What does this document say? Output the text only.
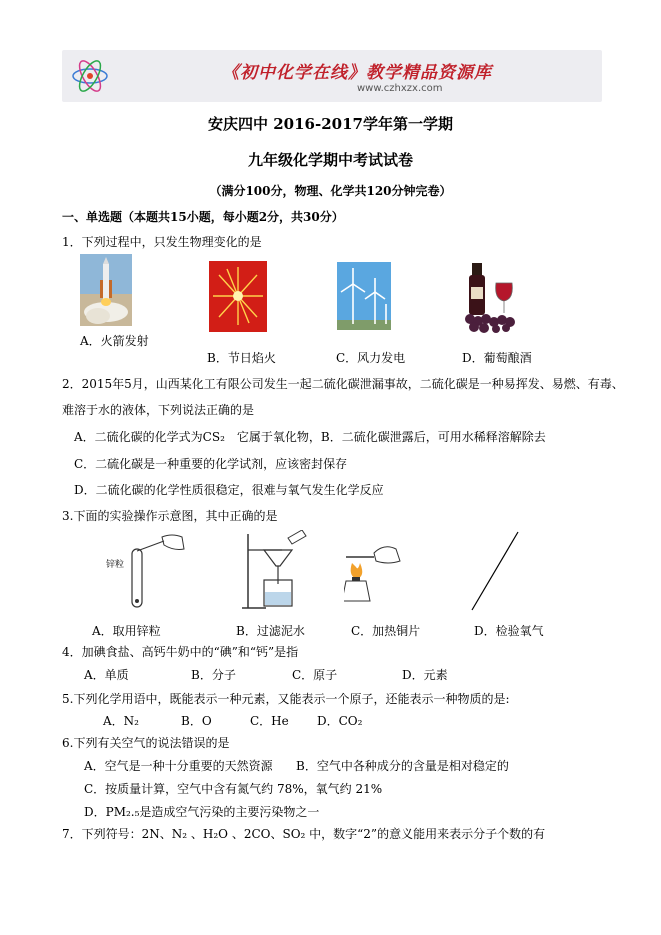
《初中化学在线》教学精品资源库
www.czhxzx.com
安庆四中 2016-2017学年第一学期
九年级化学期中考试试卷
（满分100分，物理、化学共120分钟完卷）
一、单选题（本题共15小题，每小题2分，共30分）
1．下列过程中，只发生物理变化的是
A．火箭发射
B．节日焰火	C．风力发电	D．葡萄酿酒
2．2015年5月，山西某化工有限公司发生一起二硫化碳泄漏事故，二硫化碳是一种易挥发、易燃、有毒、
难溶于水的液体，下列说法正确的是
A．二硫化碳的化学式为CS₂　它属于氧化物，B．二硫化碳泄露后，可用水稀释溶解除去
C．二硫化碳是一种重要的化学试剂，应该密封保存
D．二硫化碳的化学性质很稳定，很难与氧气发生化学反应
3.下面的实验操作示意图，其中正确的是
锌粒
A．取用锌粒	B．过滤泥水	C．加热铜片	D．检验氧气
4．加碘食盐、高钙牛奶中的“碘”和“钙”是指
A．单质	B．分子	C．原子	D．元素
5.下列化学用语中，既能表示一种元素，又能表示一个原子，还能表示一种物质的是:
A．N₂	B．O	C．He D．CO₂
6.下列有关空气的说法错误的是
A．空气是一种十分重要的天然资源 B．空气中各种成分的含量是相对稳定的
C．按质量计算，空气中含有氮气约 78%，氧气约 21%
D．PM₂.₅是造成空气污染的主要污染物之一
7．下列符号：2N、N₂ 、H₂O 、2CO、SO₂ 中，数字“2”的意义能用来表示分子个数的有
